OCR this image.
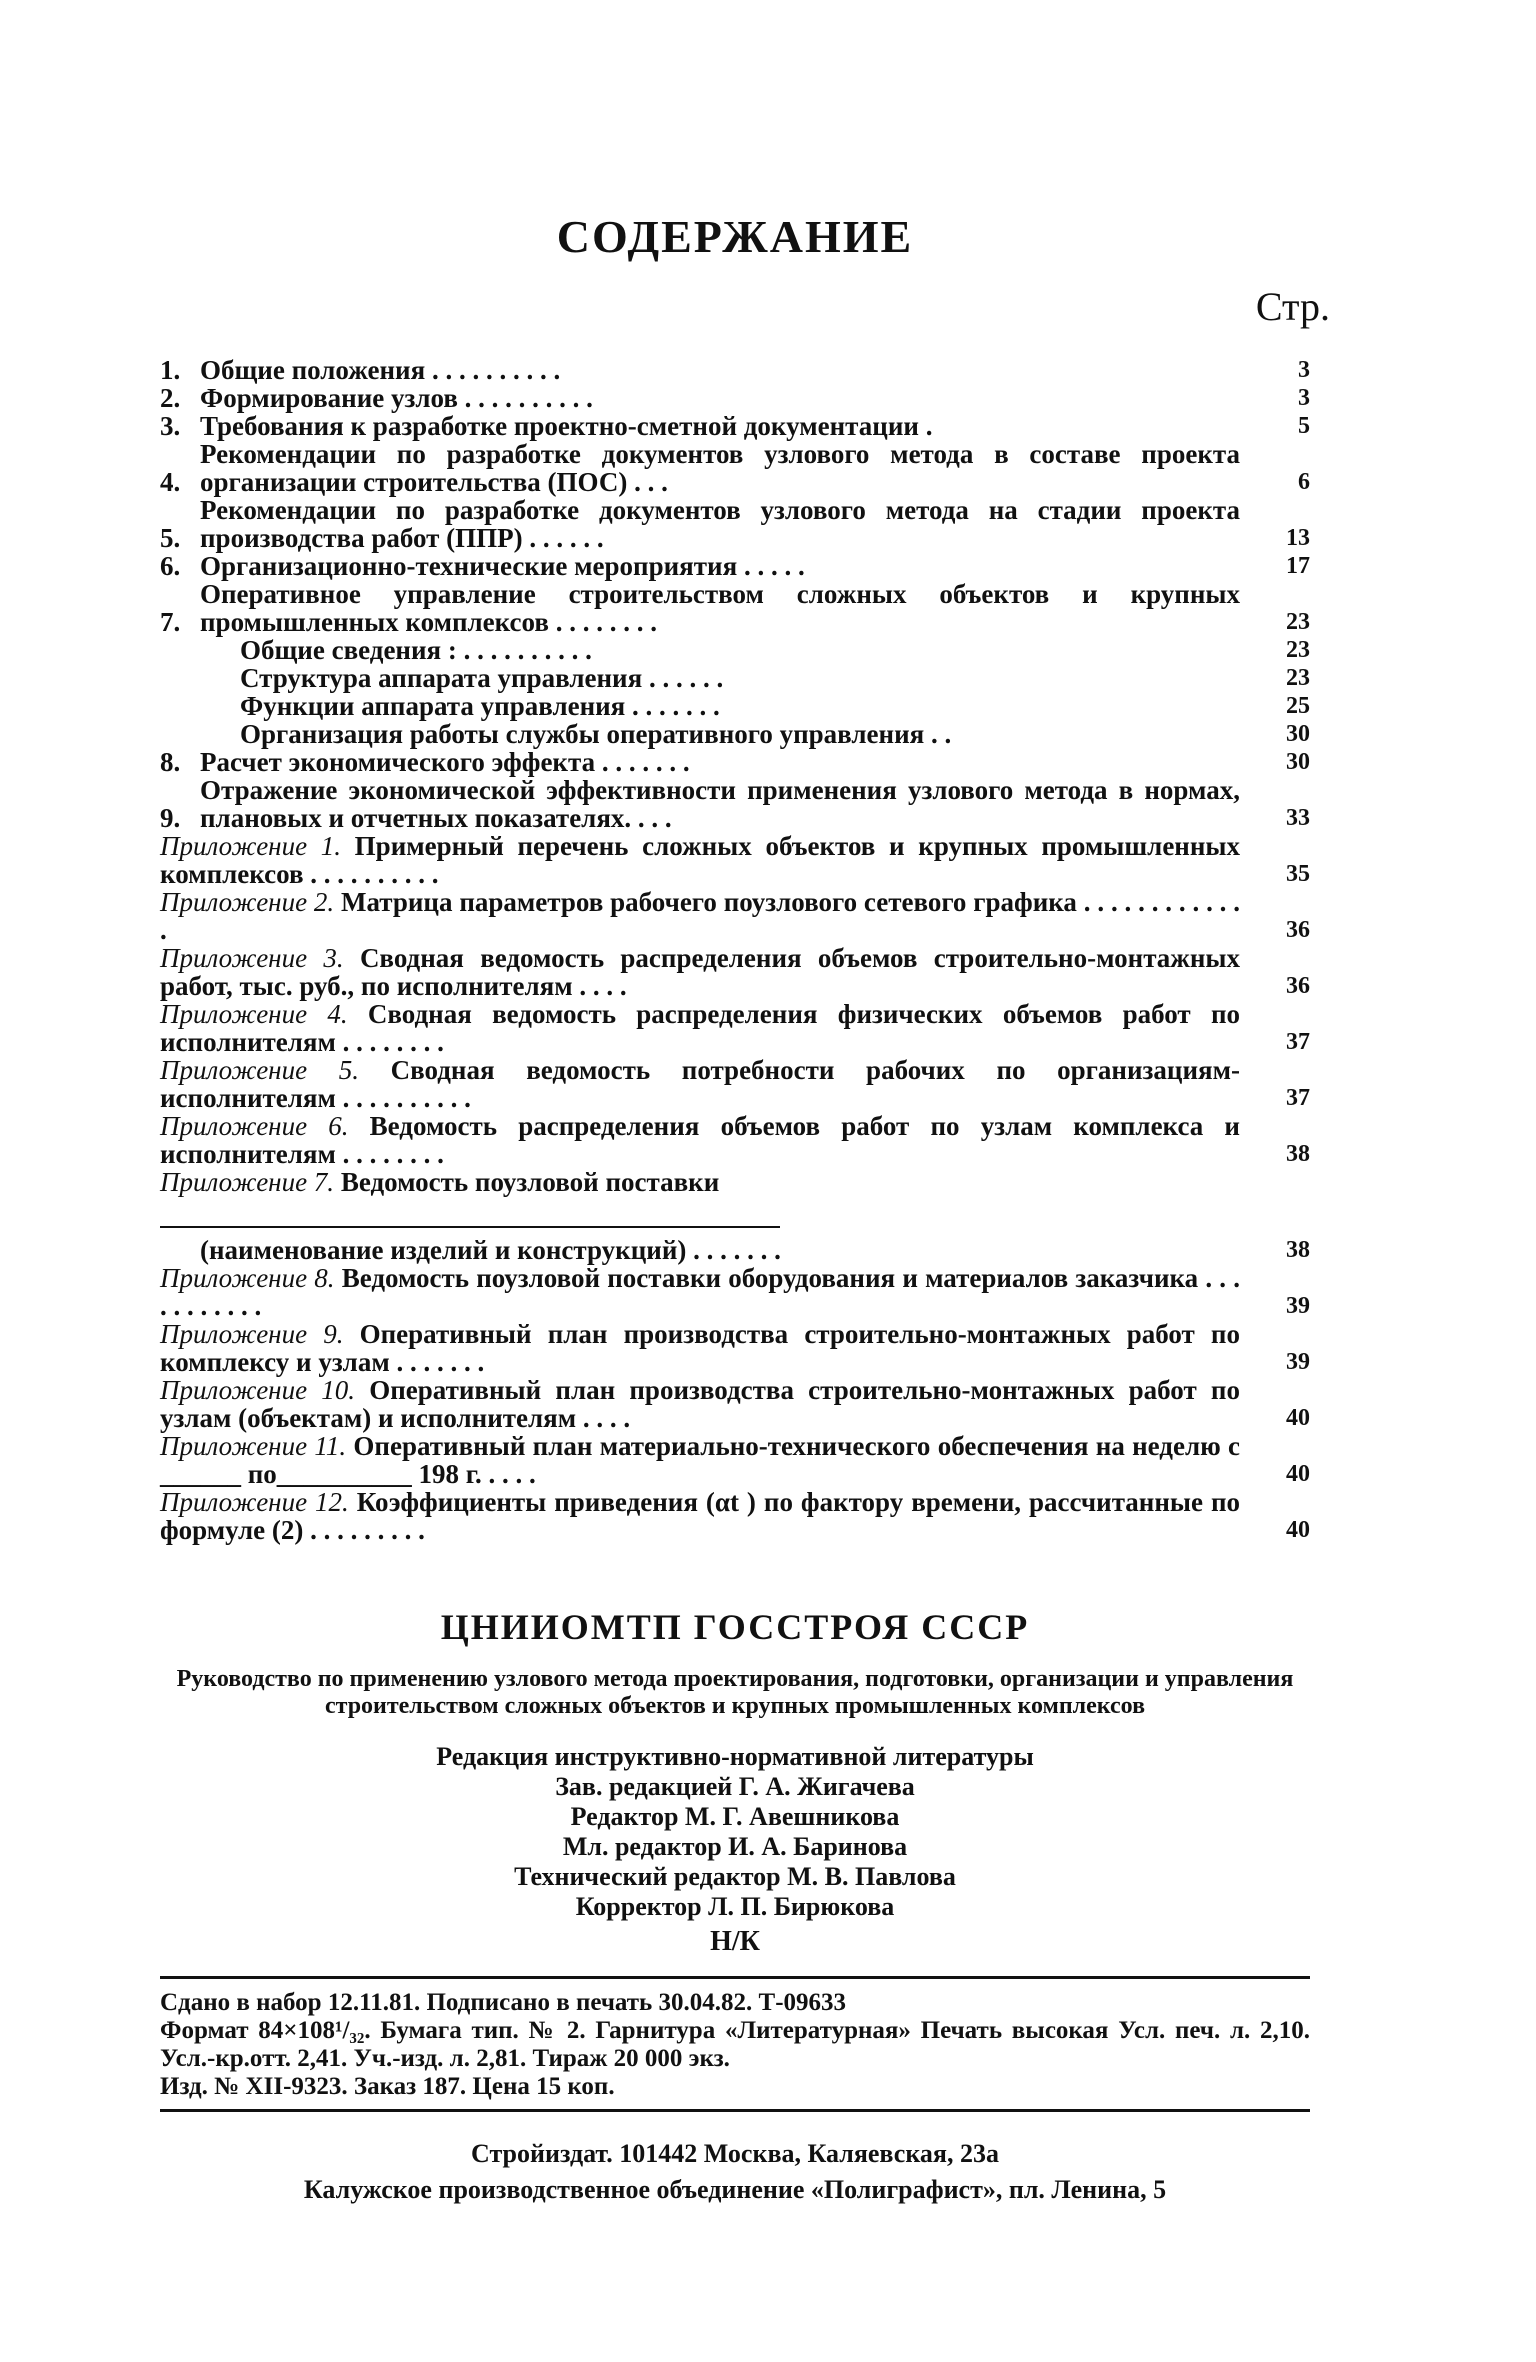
СОДЕРЖАНИЕ
Стр.
1. Общие положения . . . . . . . . . .	3
2. Формирование узлов . . . . . . . . . .	3
3. Требования к разработке проектно-сметной документации .	5
4.
Рекомендации по разработке документов узлового метода в составе проекта организации строительства (ПОС) . . .	6
5.
Рекомендации по разработке документов узлового метода на стадии проекта производства работ (ППР) . . . . . .	13
6. Организационно-технические мероприятия . . . . .	17
7.
Оперативное управление строительством сложных объектов и крупных промышленных комплексов . . . . . . . .	23
Общие сведения : . . . . . . . . . .	23
Структура аппарата управления . . . . . .	23
Функции аппарата управления . . . . . . .	25
Организация работы службы оперативного управления . .	30
8. Расчет экономического эффекта . . . . . . .	30
9.
Отражение экономической эффективности применения узлового метода в нормах, плановых и отчетных показателях. . . .	33
Приложение 1. Примерный перечень сложных объектов и крупных промышленных комплексов . . . . . . . . . .	35
Приложение 2. Матрица параметров рабочего поузлового сетевого графика . . . . . . . . . . . . .	36
Приложение 3. Сводная ведомость распределения объемов строительно-монтажных работ, тыс. руб., по исполнителям . . . .	36
Приложение 4. Сводная ведомость распределения физических объемов работ по исполнителям . . . . . . . .	37
Приложение 5. Сводная ведомость потребности рабочих по организациям-исполнителям . . . . . . . . . .	37
Приложение 6. Ведомость распределения объемов работ по узлам комплекса и исполнителям . . . . . . . .	38
Приложение 7. Ведомость поузловой поставки
(наименование изделий и конструкций) . . . . . . .	38
Приложение 8. Ведомость поузловой поставки оборудования и материалов заказчика . . . . . . . . . . .	39
Приложение 9. Оперативный план производства строительно-монтажных работ по комплексу и узлам . . . . . . .	39
Приложение 10. Оперативный план производства строительно-монтажных работ по узлам (объектам) и исполнителям . . . .	40
Приложение 11. Оперативный план материально-технического обеспечения на неделю с ______ по__________ 198 г. . . . .	40
Приложение 12. Коэффициенты приведения (αt ) по фактору времени, рассчитанные по формуле (2) . . . . . . . . .	40
ЦНИИОМТП ГОССТРОЯ СССР
Руководство по применению узлового метода проектирования, подготовки, организации и управления строительством сложных объектов и крупных промышленных комплексов
Редакция инструктивно-нормативной литературы
Зав. редакцией Г. А. Жигачева
Редактор М. Г. Авешникова
Мл. редактор И. А. Баринова
Технический редактор М. В. Павлова
Корректор Л. П. Бирюкова
Н/К
Сдано в набор 12.11.81. Подписано в печать 30.04.82. Т-09633
Формат 84×108¹/₃₂. Бумага тип. № 2. Гарнитура «Литературная» Печать высокая Усл. печ. л. 2,10. Усл.-кр.отт. 2,41. Уч.-изд. л. 2,81. Тираж 20 000 экз.
Изд. № XII-9323. Заказ 187. Цена 15 коп.
Стройиздат. 101442 Москва, Каляевская, 23а
Калужское производственное объединение «Полиграфист», пл. Ленина, 5
